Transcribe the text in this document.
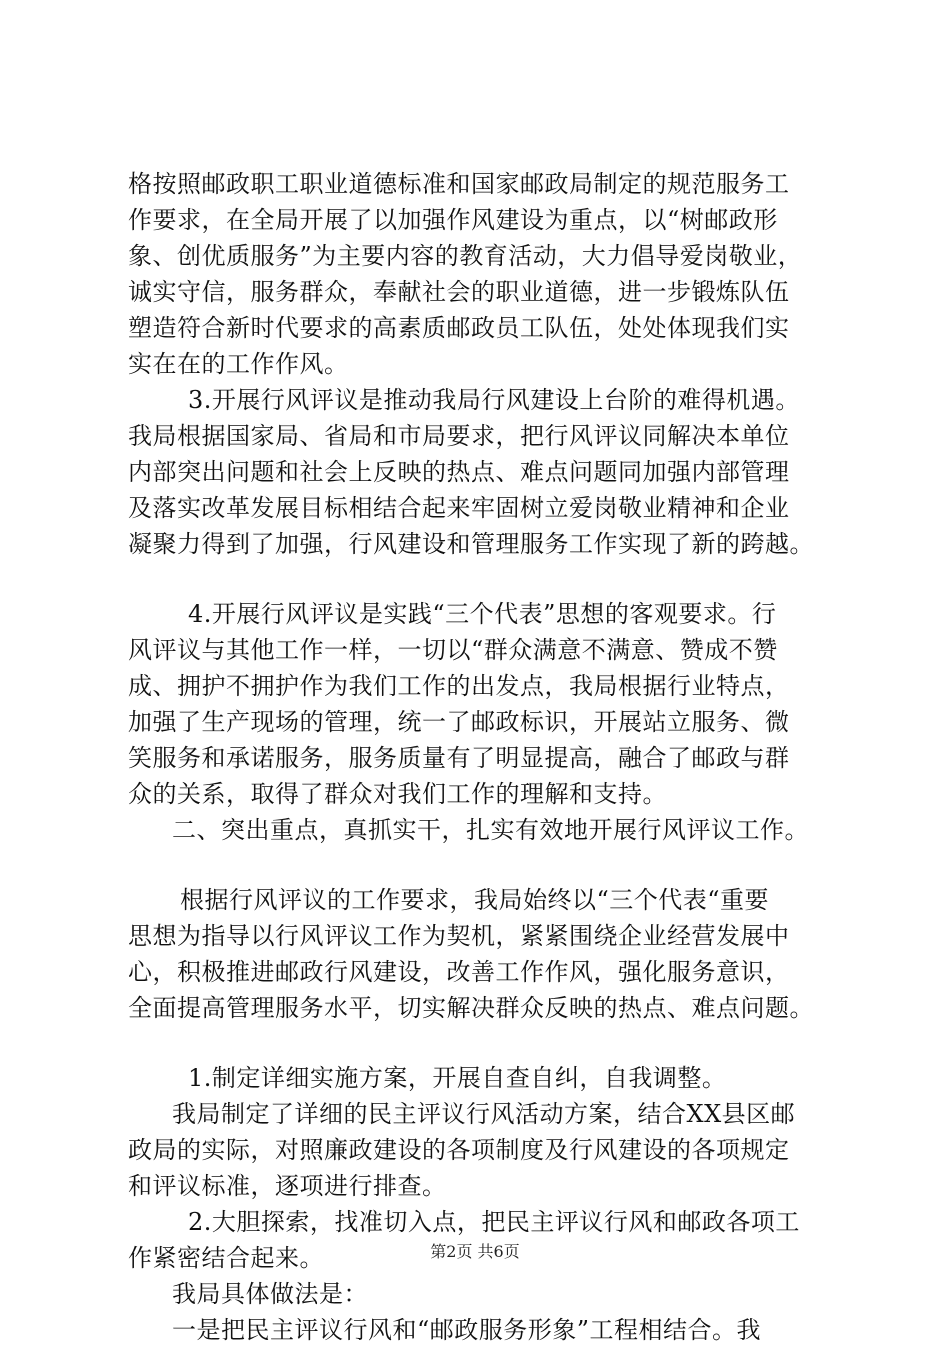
格按照邮政职工职业道德标准和国家邮政局制定的规范服务工
作要求，在全局开展了以加强作风建设为重点，以“树邮政形
象、创优质服务”为主要内容的教育活动，大力倡导爱岗敬业，
诚实守信，服务群众，奉献社会的职业道德，进一步锻炼队伍
塑造符合新时代要求的高素质邮政员工队伍，处处体现我们实
实在在的工作作风。
3.开展行风评议是推动我局行风建设上台阶的难得机遇。
我局根据国家局、省局和市局要求，把行风评议同解决本单位
内部突出问题和社会上反映的热点、难点问题同加强内部管理
及落实改革发展目标相结合起来牢固树立爱岗敬业精神和企业
凝聚力得到了加强，行风建设和管理服务工作实现了新的跨越。
4.开展行风评议是实践“三个代表”思想的客观要求。行
风评议与其他工作一样，一切以“群众满意不满意、赞成不赞
成、拥护不拥护作为我们工作的出发点，我局根据行业特点，
加强了生产现场的管理，统一了邮政标识，开展站立服务、微
笑服务和承诺服务，服务质量有了明显提高，融合了邮政与群
众的关系，取得了群众对我们工作的理解和支持。
二、突出重点，真抓实干，扎实有效地开展行风评议工作。
根据行风评议的工作要求，我局始终以“三个代表“重要
思想为指导以行风评议工作为契机，紧紧围绕企业经营发展中
心，积极推进邮政行风建设，改善工作作风，强化服务意识，
全面提高管理服务水平，切实解决群众反映的热点、难点问题。
1.制定详细实施方案，开展自查自纠，自我调整。
我局制定了详细的民主评议行风活动方案，结合XX县区邮
政局的实际，对照廉政建设的各项制度及行风建设的各项规定
和评议标准，逐项进行排查。
2.大胆探索，找准切入点，把民主评议行风和邮政各项工
作紧密结合起来。
我局具体做法是：
一是把民主评议行风和“邮政服务形象”工程相结合。我
第2页 共6页
